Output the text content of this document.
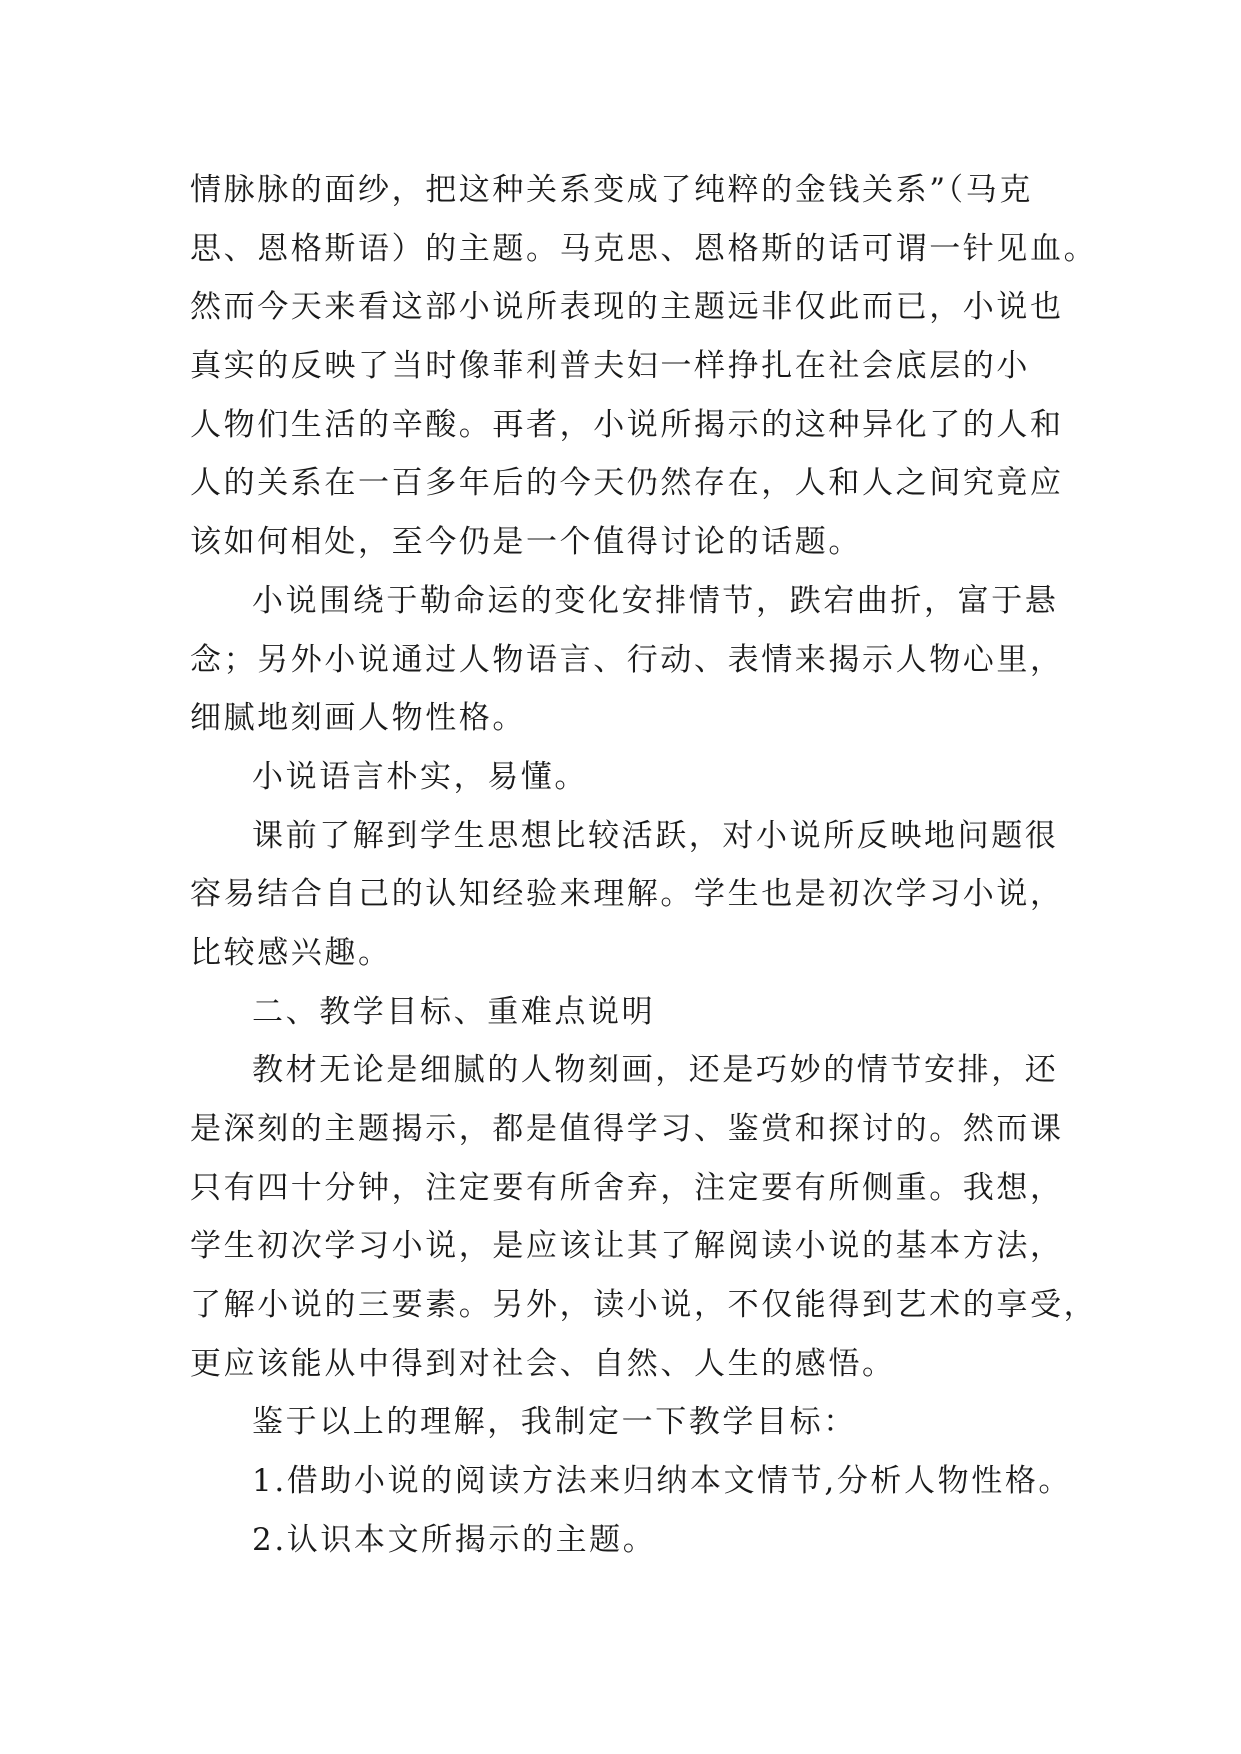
情脉脉的面纱，把这种关系变成了纯粹的金钱关系”（马克
思、恩格斯语）的主题。马克思、恩格斯的话可谓一针见血。
然而今天来看这部小说所表现的主题远非仅此而已，小说也
真实的反映了当时像菲利普夫妇一样挣扎在社会底层的小
人物们生活的辛酸。再者，小说所揭示的这种异化了的人和
人的关系在一百多年后的今天仍然存在，人和人之间究竟应
该如何相处，至今仍是一个值得讨论的话题。
小说围绕于勒命运的变化安排情节，跌宕曲折，富于悬
念；另外小说通过人物语言、行动、表情来揭示人物心里，
细腻地刻画人物性格。
小说语言朴实，易懂。
课前了解到学生思想比较活跃，对小说所反映地问题很
容易结合自己的认知经验来理解。学生也是初次学习小说，
比较感兴趣。
二、教学目标、重难点说明
教材无论是细腻的人物刻画，还是巧妙的情节安排，还
是深刻的主题揭示，都是值得学习、鉴赏和探讨的。然而课
只有四十分钟，注定要有所舍弃，注定要有所侧重。我想，
学生初次学习小说，是应该让其了解阅读小说的基本方法，
了解小说的三要素。另外，读小说，不仅能得到艺术的享受，
更应该能从中得到对社会、自然、人生的感悟。
鉴于以上的理解，我制定一下教学目标：
1.借助小说的阅读方法来归纳本文情节,分析人物性格。
2.认识本文所揭示的主题。
